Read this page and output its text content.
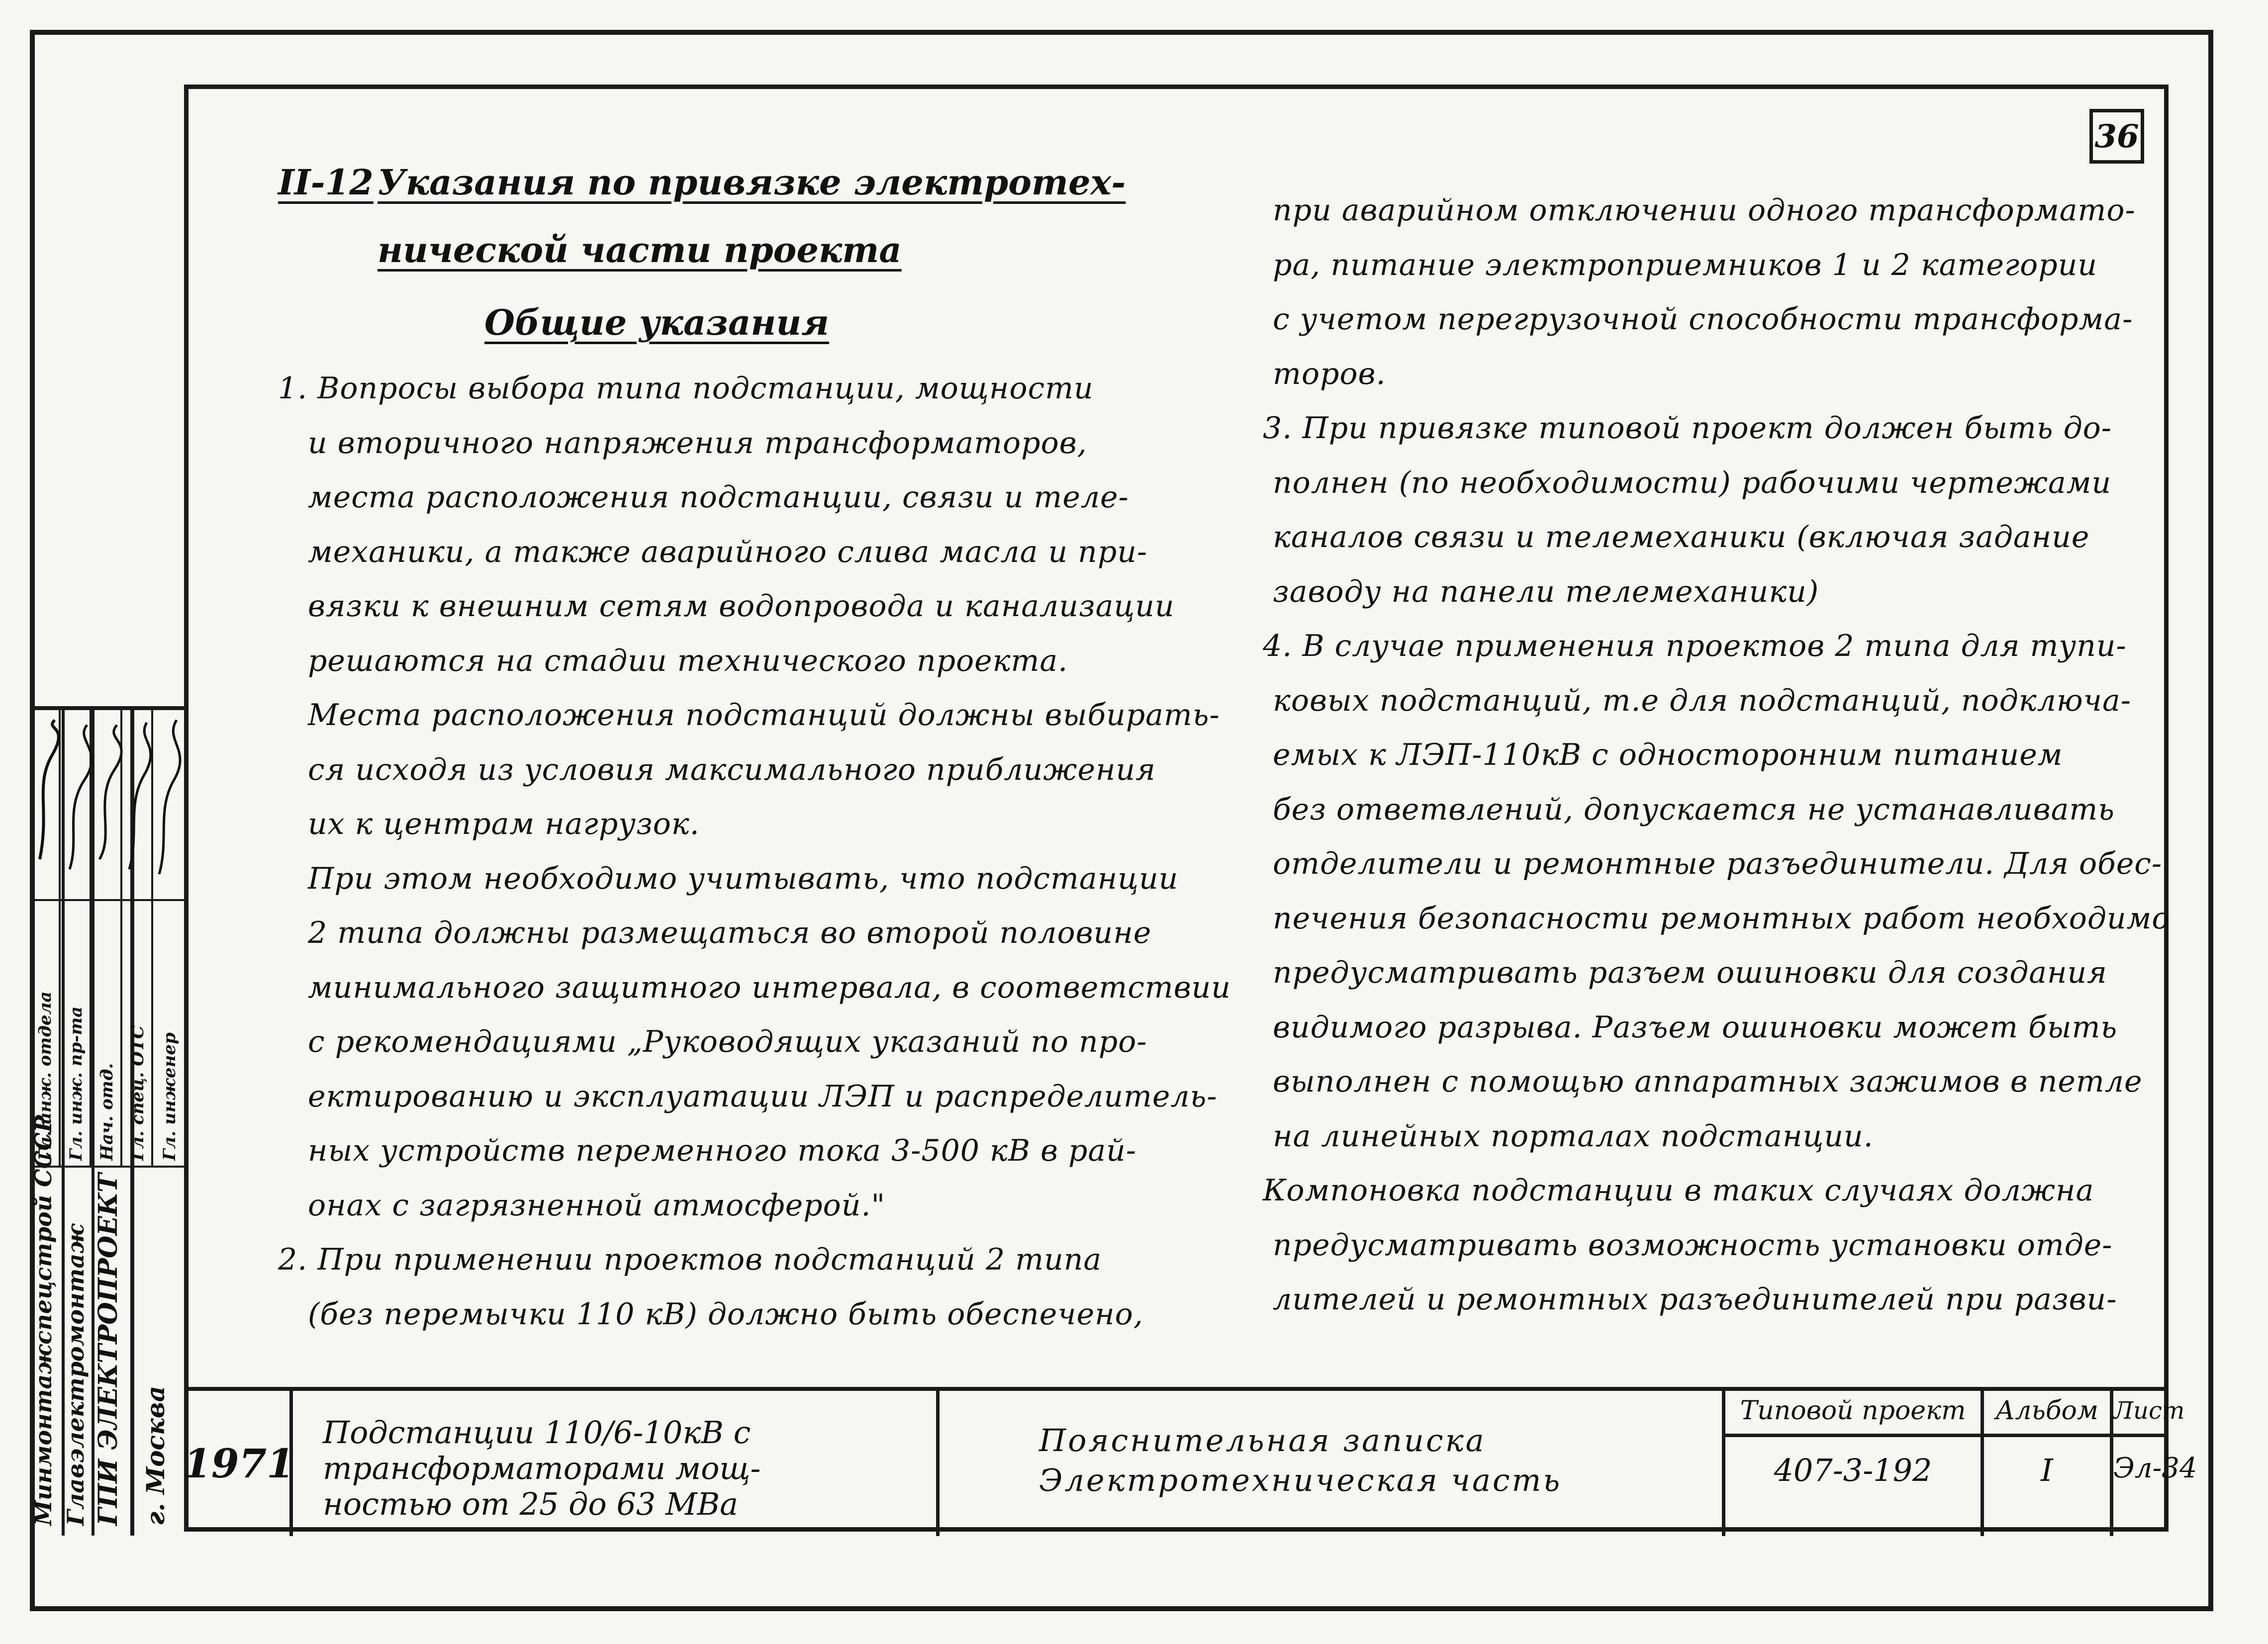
36
II-12 Указания по привязке электротех-
нической части проекта
Общие указания
1. Вопросы выбора типа подстанции, мощности
и вторичного напряжения трансформаторов,
места расположения подстанции, связи и теле-
механики, а также аварийного слива масла и при-
вязки к внешним сетям водопровода и канализации
решаются на стадии технического проекта.
Места расположения подстанций должны выбирать-
ся исходя из условия максимального приближения
их к центрам нагрузок.
При этом необходимо учитывать, что подстанции
2 типа должны размещаться во второй половине
минимального защитного интервала, в соответствии
с рекомендациями „Руководящих указаний по про-
ектированию и эксплуатации ЛЭП и распределитель-
ных устройств переменного тока 3-500 кВ в рай-
онах с загрязненной атмосферой."
2. При применении проектов подстанций 2 типа
(без перемычки 110 кВ) должно быть обеспечено,
при аварийном отключении одного трансформато-
ра, питание электроприемников 1 и 2 категории
с учетом перегрузочной способности трансформа-
торов.
3. При привязке типовой проект должен быть до-
полнен (по необходимости) рабочими чертежами
каналов связи и телемеханики (включая задание
заводу на панели телемеханики)
4. В случае применения проектов 2 типа для тупи-
ковых подстанций, т.е для подстанций, подключа-
емых к ЛЭП-110кВ с односторонним питанием
без ответвлений, допускается не устанавливать
отделители и ремонтные разъединители. Для обес-
печения безопасности ремонтных работ необходимо
предусматривать разъем ошиновки для создания
видимого разрыва. Разъем ошиновки может быть
выполнен с помощью аппаратных зажимов в петле
на линейных порталах подстанции.
Компоновка подстанции в таких случаях должна
предусматривать возможность установки отде-
лителей и ремонтных разъединителей при разви-
1971
Подстанции 110/6-10кВ с
трансформаторами мощ-
ностью от 25 до 63 МВа
Пояснительная записка
Электротехническая часть
Типовой проект
407-3-192
Альбом
I
Лист
Эл-34
Минмонтажспецстрой СССР Главэлектромонтаж ГПИ ЭЛЕКТРОПРОЕКТ г. Москва
Гл. инж. отдела Гл. инж. пр-та Нач. отд. Гл. спец. ОТС Гл. инженер
